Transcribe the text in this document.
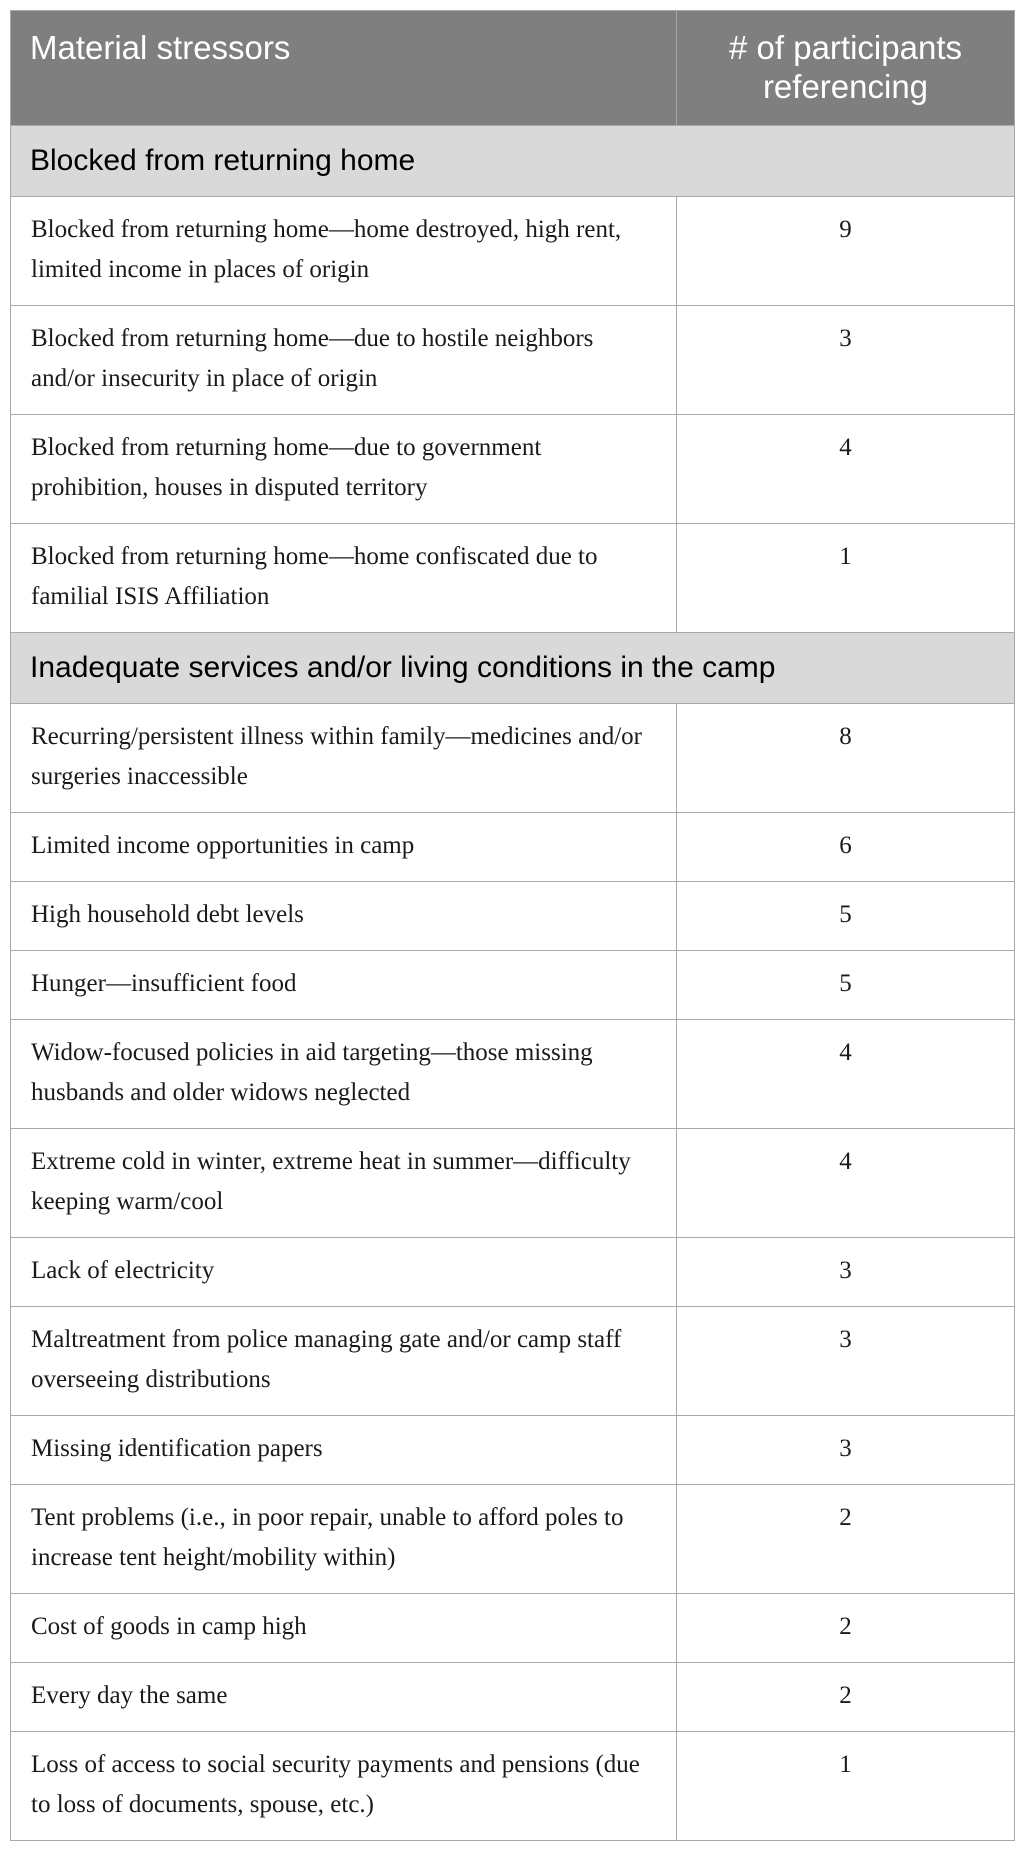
Material stressors	# of participants referencing
Blocked from returning home	
Blocked from returning home—home destroyed, high rent, limited income in places of origin	9
Blocked from returning home—due to hostile neighbors and/or insecurity in place of origin	3
Blocked from returning home—due to government prohibition, houses in disputed territory	4
Blocked from returning home—home confiscated due to familial ISIS Affiliation	1
Inadequate services and/or living conditions in the camp	
Recurring/persistent illness within family—medicines and/or surgeries inaccessible	8
Limited income opportunities in camp	6
High household debt levels	5
Hunger—insufficient food	5
Widow-focused policies in aid targeting—those missing husbands and older widows neglected	4
Extreme cold in winter, extreme heat in summer—difficulty keeping warm/cool	4
Lack of electricity	3
Maltreatment from police managing gate and/or camp staff overseeing distributions	3
Missing identification papers	3
Tent problems (i.e., in poor repair, unable to afford poles to increase tent height/mobility within)	2
Cost of goods in camp high	2
Every day the same	2
Loss of access to social security payments and pensions (due to loss of documents, spouse, etc.)	1
